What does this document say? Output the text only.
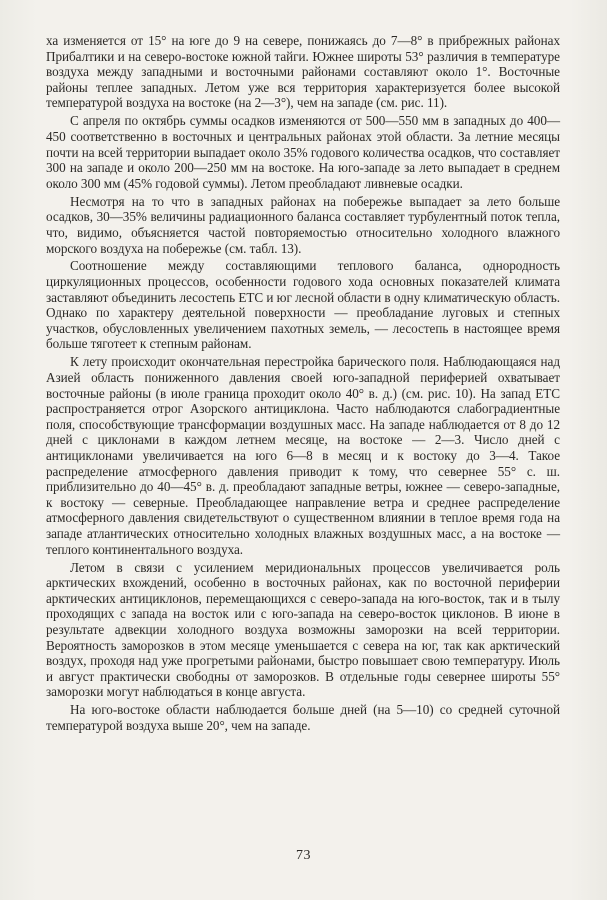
ха изменяется от 15° на юге до 9 на севере, понижаясь до 7—8° в прибрежных районах Прибалтики и на северо-востоке южной тайги. Южнее широты 53° различия в температуре воздуха между западными и восточными районами составляют около 1°. Восточные районы теплее западных. Летом уже вся территория характеризуется более высокой температурой воздуха на востоке (на 2—3°), чем на западе (см. рис. 11).

С апреля по октябрь суммы осадков изменяются от 500—550 мм в западных до 400—450 соответственно в восточных и центральных районах этой области. За летние месяцы почти на всей территории выпадает около 35% годового количества осадков, что составляет 300 на западе и около 200—250 мм на востоке. На юго-западе за лето выпадает в среднем около 300 мм (45% годовой суммы). Летом преобладают ливневые осадки.

Несмотря на то что в западных районах на побережье выпадает за лето больше осадков, 30—35% величины радиационного баланса составляет турбулентный поток тепла, что, видимо, объясняется частой повторяемостью относительно холодного влажного морского воздуха на побережье (см. табл. 13).

Соотношение между составляющими теплового баланса, однородность циркуляционных процессов, особенности годового хода основных показателей климата заставляют объединить лесостепь ЕТС и юг лесной области в одну климатическую область. Однако по характеру деятельной поверхности — преобладание луговых и степных участков, обусловленных увеличением пахотных земель, — лесостепь в настоящее время больше тяготеет к степным районам.

К лету происходит окончательная перестройка барического поля. Наблюдающаяся над Азией область пониженного давления своей юго-западной периферией охватывает восточные районы (в июле граница проходит около 40° в. д.) (см. рис. 10). На запад ЕТС распространяется отрог Азорского антициклона. Часто наблюдаются слабоградиентные поля, способствующие трансформации воздушных масс. На западе наблюдается от 8 до 12 дней с циклонами в каждом летнем месяце, на востоке — 2—3. Число дней с антициклонами увеличивается на юго 6—8 в месяц и к востоку до 3—4. Такое распределение атмосферного давления приводит к тому, что севернее 55° с. ш. приблизительно до 40—45° в. д. преобладают западные ветры, южнее — северо-западные, к востоку — северные. Преобладающее направление ветра и среднее распределение атмосферного давления свидетельствуют о существенном влиянии в теплое время года на западе атлантических относительно холодных влажных воздушных масс, а на востоке — теплого континентального воздуха.

Летом в связи с усилением меридиональных процессов увеличивается роль арктических вхождений, особенно в восточных районах, как по восточной периферии арктических антициклонов, перемещающихся с северо-запада на юго-восток, так и в тылу проходящих с запада на восток или с юго-запада на северо-восток циклонов. В июне в результате адвекции холодного воздуха возможны заморозки на всей территории. Вероятность заморозков в этом месяце уменьшается с севера на юг, так как арктический воздух, проходя над уже прогретыми районами, быстро повышает свою температуру. Июль и август практически свободны от заморозков. В отдельные годы севернее широты 55° заморозки могут наблюдаться в конце августа.

На юго-востоке области наблюдается больше дней (на 5—10) со средней суточной температурой воздуха выше 20°, чем на западе.

73
